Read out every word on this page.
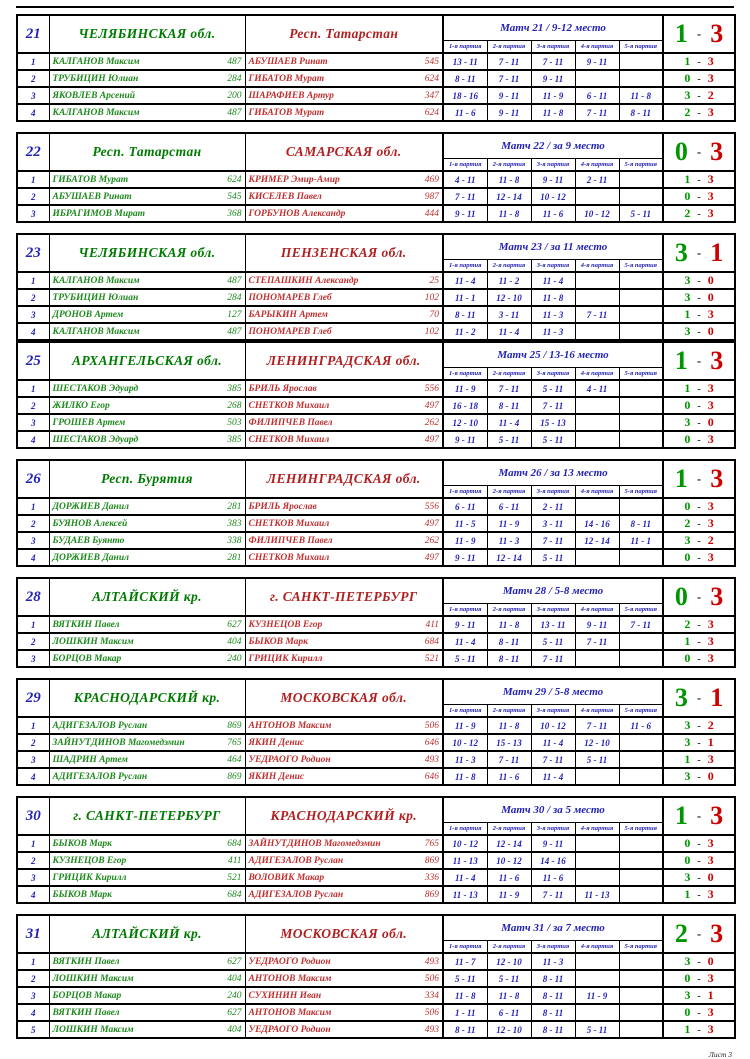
21	ЧЕЛЯБИНСКАЯ обл.	Респ. Татарстан	Матч 21 / 9-12 место					1 - 3
			1-я партия	2-я партия	3-я партия	4-я партия	5-я партия	
1	КАЛГАНОВ Максим 487	АБУШАЕВ Ринат 545	13 - 11	7 - 11	7 - 11	9 - 11		1 - 3
2	ТРУБИЦИН Юлиан 284	ГИБАТОВ Мурат 624	8 - 11	7 - 11	9 - 11			0 - 3
3	ЯКОВЛЕВ Арсений 200	ШАРАФИЕВ Артур 347	18 - 16	9 - 11	11 - 9	6 - 11	11 - 8	3 - 2
4	КАЛГАНОВ Максим 487	ГИБАТОВ Мурат 624	11 - 6	9 - 11	11 - 8	7 - 11	8 - 11	2 - 3
22	Респ. Татарстан	САМАРСКАЯ обл.	Матч 22 / за 9 место					0 - 3
			1-я партия	2-я партия	3-я партия	4-я партия	5-я партия	
1	ГИБАТОВ Мурат 624	КРИМЕР Эмир-Амир 469	4 - 11	11 - 8	9 - 11	2 - 11		1 - 3
2	АБУШАЕВ Ринат 545	КИСЕЛЕВ Павел 987	7 - 11	12 - 14	10 - 12			0 - 3
3	ИБРАГИМОВ Мират 368	ГОРБУНОВ Александр 444	9 - 11	11 - 8	11 - 6	10 - 12	5 - 11	2 - 3
23	ЧЕЛЯБИНСКАЯ обл.	ПЕНЗЕНСКАЯ обл.	Матч 23 / за 11 место					3 - 1
			1-я партия	2-я партия	3-я партия	4-я партия	5-я партия	
1	КАЛГАНОВ Максим 487	СТЕПАШКИН Александр 25	11 - 4	11 - 2	11 - 4			3 - 0
2	ТРУБИЦИН Юлиан 284	ПОНОМАРЕВ Глеб 102	11 - 1	12 - 10	11 - 8			3 - 0
3	ДРОНОВ Артем 127	БАРЫКИН Артем 70	8 - 11	3 - 11	11 - 3	7 - 11		1 - 3
4	КАЛГАНОВ Максим 487	ПОНОМАРЕВ Глеб 102	11 - 2	11 - 4	11 - 3			3 - 0
25	АРХАНГЕЛЬСКАЯ обл.	ЛЕНИНГРАДСКАЯ обл.	Матч 25 / 13-16 место					1 - 3
			1-я партия	2-я партия	3-я партия	4-я партия	5-я партия	
1	ШЕСТАКОВ Эдуард 385	БРИЛЬ Ярослав 556	11 - 9	7 - 11	5 - 11	4 - 11		1 - 3
2	ЖИЛКО Егор 268	СНЕТКОВ Михаил 497	16 - 18	8 - 11	7 - 11			0 - 3
3	ГРОШЕВ Артем 503	ФИЛИПЧЕВ Павел 262	12 - 10	11 - 4	15 - 13			3 - 0
4	ШЕСТАКОВ Эдуард 385	СНЕТКОВ Михаил 497	9 - 11	5 - 11	5 - 11			0 - 3
26	Респ. Бурятия	ЛЕНИНГРАДСКАЯ обл.	Матч 26 / за 13 место					1 - 3
			1-я партия	2-я партия	3-я партия	4-я партия	5-я партия	
1	ДОРЖИЕВ Данил 281	БРИЛЬ Ярослав 556	6 - 11	6 - 11	2 - 11			0 - 3
2	БУЯНОВ Алексей 383	СНЕТКОВ Михаил 497	11 - 5	11 - 9	3 - 11	14 - 16	8 - 11	2 - 3
3	БУДАЕВ Буянто 338	ФИЛИПЧЕВ Павел 262	11 - 9	11 - 3	7 - 11	12 - 14	11 - 1	3 - 2
4	ДОРЖИЕВ Данил 281	СНЕТКОВ Михаил 497	9 - 11	12 - 14	5 - 11			0 - 3
28	АЛТАЙСКИЙ кр.	г. САНКТ-ПЕТЕРБУРГ	Матч 28 / 5-8 место					0 - 3
			1-я партия	2-я партия	3-я партия	4-я партия	5-я партия	
1	ВЯТКИН Павел 627	КУЗНЕЦОВ Егор 411	9 - 11	11 - 8	13 - 11	9 - 11	7 - 11	2 - 3
2	ЛОШКИН Максим 404	БЫКОВ Марк 684	11 - 4	8 - 11	5 - 11	7 - 11		1 - 3
3	БОРЦОВ Макар 240	ГРИЦИК Кирилл 521	5 - 11	8 - 11	7 - 11			0 - 3
29	КРАСНОДАРСКИЙ кр.	МОСКОВСКАЯ обл.	Матч 29 / 5-8 место					3 - 1
			1-я партия	2-я партия	3-я партия	4-я партия	5-я партия	
1	АДИГЕЗАЛОВ Руслан 869	АНТОНОВ Максим 506	11 - 9	11 - 8	10 - 12	7 - 11	11 - 6	3 - 2
2	ЗАЙНУТДИНОВ Магомедэмин 765	ЯКИН Денис 646	10 - 12	15 - 13	11 - 4	12 - 10		3 - 1
3	ШАДРИН Артем 464	УЕДРАОГО Родион 493	11 - 3	7 - 11	7 - 11	5 - 11		1 - 3
4	АДИГЕЗАЛОВ Руслан 869	ЯКИН Денис 646	11 - 8	11 - 6	11 - 4			3 - 0
30	г. САНКТ-ПЕТЕРБУРГ	КРАСНОДАРСКИЙ кр.	Матч 30 / за 5 место					1 - 3
			1-я партия	2-я партия	3-я партия	4-я партия	5-я партия	
1	БЫКОВ Марк 684	ЗАЙНУТДИНОВ Магомедэмин 765	10 - 12	12 - 14	9 - 11			0 - 3
2	КУЗНЕЦОВ Егор 411	АДИГЕЗАЛОВ Руслан 869	11 - 13	10 - 12	14 - 16			0 - 3
3	ГРИЦИК Кирилл 521	ВОЛОВИК Макар 336	11 - 4	11 - 6	11 - 6			3 - 0
4	БЫКОВ Марк 684	АДИГЕЗАЛОВ Руслан 869	11 - 13	11 - 9	7 - 11	11 - 13		1 - 3
31	АЛТАЙСКИЙ кр.	МОСКОВСКАЯ обл.	Матч 31 / за 7 место					2 - 3
			1-я партия	2-я партия	3-я партия	4-я партия	5-я партия	
1	ВЯТКИН Павел 627	УЕДРАОГО Родион 493	11 - 7	12 - 10	11 - 3			3 - 0
2	ЛОШКИН Максим 404	АНТОНОВ Максим 506	5 - 11	5 - 11	8 - 11			0 - 3
3	БОРЦОВ Макар 240	СУХИНИН Иван 334	11 - 8	11 - 8	8 - 11	11 - 9		3 - 1
4	ВЯТКИН Павел 627	АНТОНОВ Максим 506	1 - 11	6 - 11	8 - 11			0 - 3
5	ЛОШКИН Максим 404	УЕДРАОГО Родион 493	8 - 11	12 - 10	8 - 11	5 - 11		1 - 3
Лист 3
